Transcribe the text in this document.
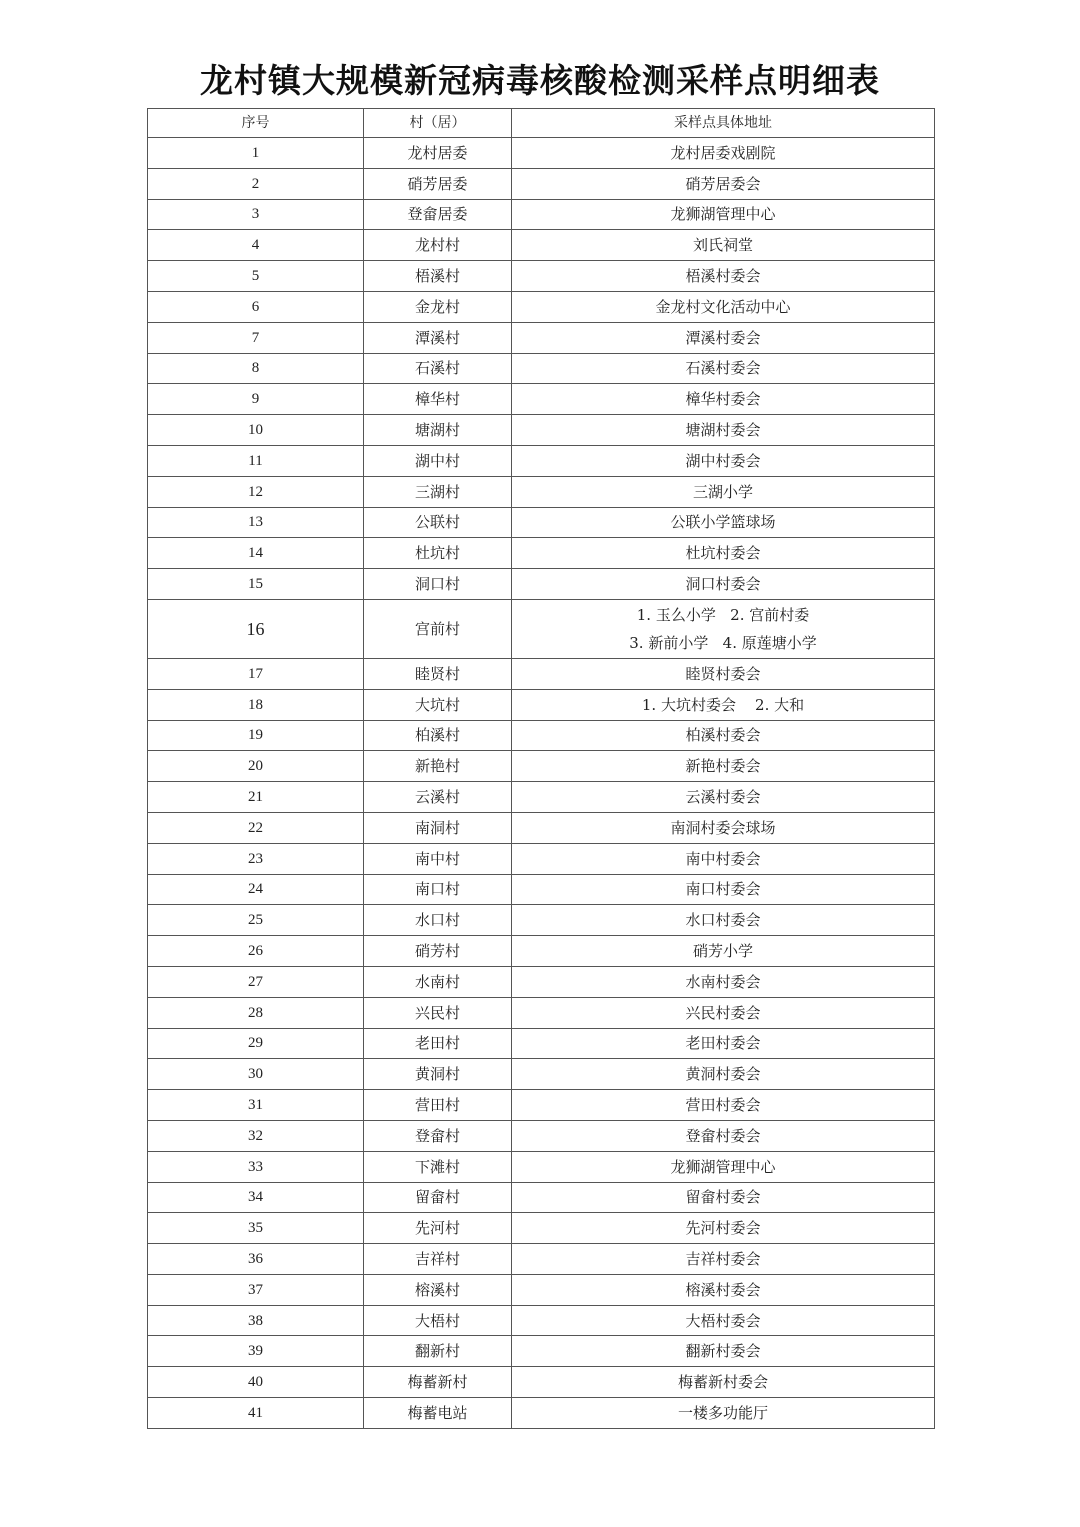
龙村镇大规模新冠病毒核酸检测采样点明细表
序号	村（居）	采样点具体地址
1	龙村居委	龙村居委戏剧院
2	硝芳居委	硝芳居委会
3	登畲居委	龙狮湖管理中心
4	龙村村	刘氏祠堂
5	梧溪村	梧溪村委会
6	金龙村	金龙村文化活动中心
7	潭溪村	潭溪村委会
8	石溪村	石溪村委会
9	樟华村	樟华村委会
10	塘湖村	塘湖村委会
11	湖中村	湖中村委会
12	三湖村	三湖小学
13	公联村	公联小学篮球场
14	杜坑村	杜坑村委会
15	洞口村	洞口村委会
16	宫前村	1. 玉么小学   2. 宫前村委
3. 新前小学   4. 原莲塘小学

17	睦贤村	睦贤村委会
18	大坑村	1. 大坑村委会    2. 大和
19	柏溪村	柏溪村委会
20	新艳村	新艳村委会
21	云溪村	云溪村委会
22	南洞村	南洞村委会球场
23	南中村	南中村委会
24	南口村	南口村委会
25	水口村	水口村委会
26	硝芳村	硝芳小学
27	水南村	水南村委会
28	兴民村	兴民村委会
29	老田村	老田村委会
30	黄洞村	黄洞村委会
31	营田村	营田村委会
32	登畲村	登畲村委会
33	下滩村	龙狮湖管理中心
34	留畲村	留畲村委会
35	先河村	先河村委会
36	吉祥村	吉祥村委会
37	榕溪村	榕溪村委会
38	大梧村	大梧村委会
39	翻新村	翻新村委会
40	梅蓄新村	梅蓄新村委会
41	梅蓄电站	一楼多功能厅
